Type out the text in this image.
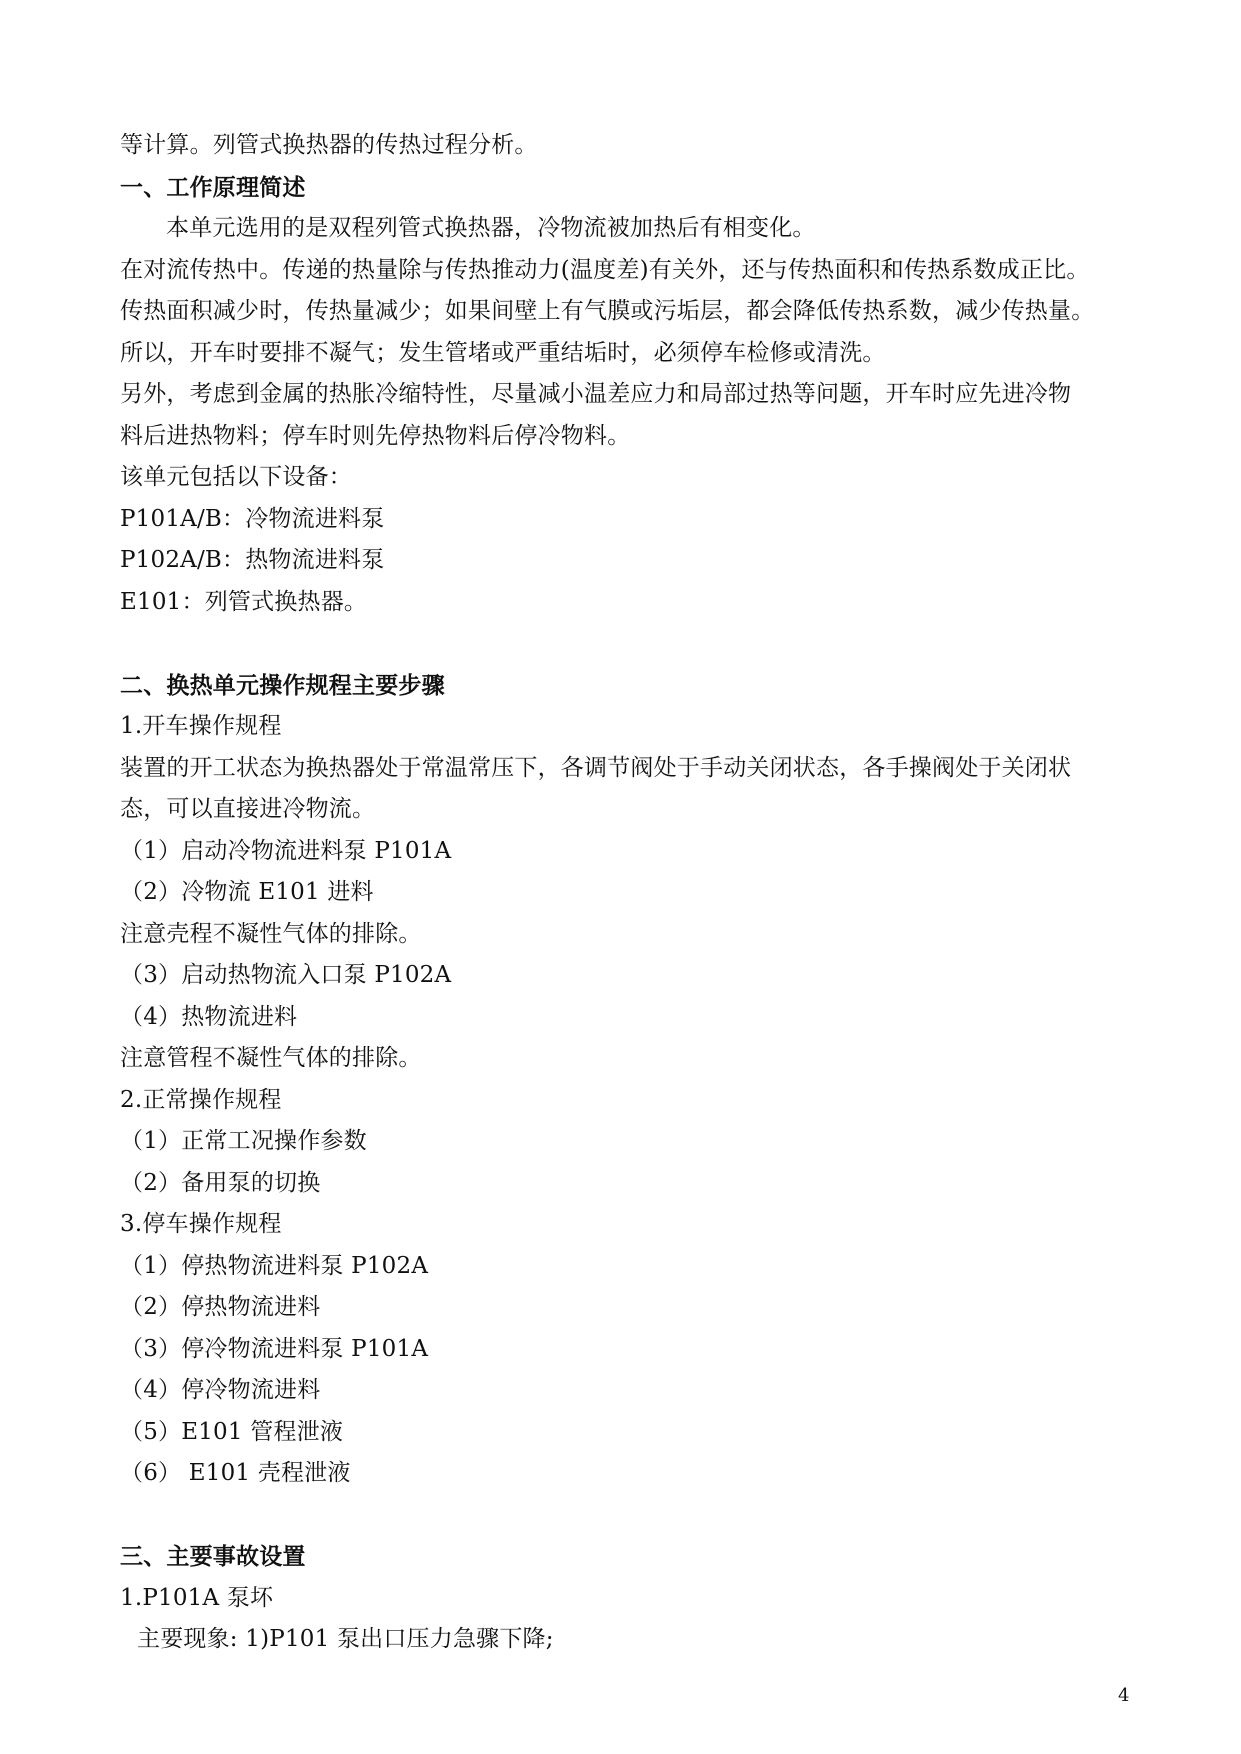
等计算。列管式换热器的传热过程分析。
一、工作原理简述
本单元选用的是双程列管式换热器，冷物流被加热后有相变化。
在对流传热中。传递的热量除与传热推动力(温度差)有关外，还与传热面积和传热系数成正比。
传热面积减少时，传热量减少；如果间壁上有气膜或污垢层，都会降低传热系数，减少传热量。
所以，开车时要排不凝气；发生管堵或严重结垢时，必须停车检修或清洗。
另外，考虑到金属的热胀冷缩特性，尽量减小温差应力和局部过热等问题，开车时应先进冷物
料后进热物料；停车时则先停热物料后停冷物料。
该单元包括以下设备：
P101A/B：冷物流进料泵
P102A/B：热物流进料泵
E101：列管式换热器。
二、换热单元操作规程主要步骤
1.开车操作规程
装置的开工状态为换热器处于常温常压下，各调节阀处于手动关闭状态，各手操阀处于关闭状
态，可以直接进冷物流。
（1）启动冷物流进料泵 P101A
（2）冷物流 E101 进料
注意壳程不凝性气体的排除。
（3）启动热物流入口泵 P102A
（4）热物流进料
注意管程不凝性气体的排除。
2.正常操作规程
（1）正常工况操作参数
（2）备用泵的切换
3.停车操作规程
（1）停热物流进料泵 P102A
（2）停热物流进料
（3）停冷物流进料泵 P101A
（4）停冷物流进料
（5）E101 管程泄液
（6） E101 壳程泄液
三、主要事故设置
1.P101A 泵坏
主要现象: 1)P101 泵出口压力急骤下降;
4
